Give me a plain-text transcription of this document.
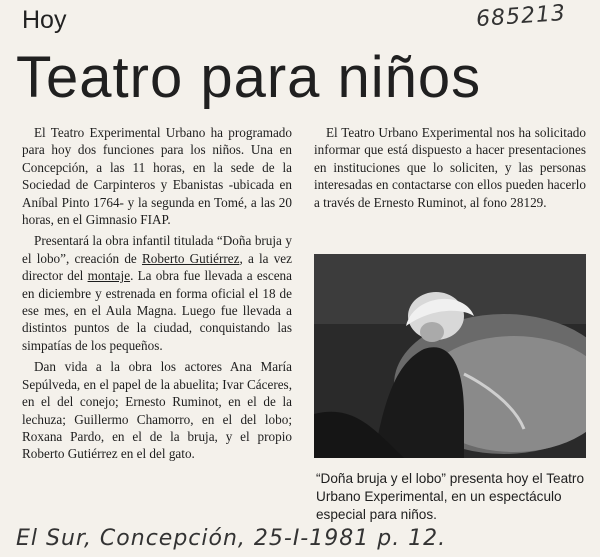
Hoy	685213
Teatro para niños

El Teatro Experimental Urbano ha programado para hoy dos funciones para los niños. Una en Concepción, a las 11 horas, en la sede de la Sociedad de Carpinteros y Ebanistas -ubicada en Aníbal Pinto 1764- y la segunda en Tomé, a las 20 horas, en el Gimnasio FIAP.

Presentará la obra infantil titulada “Doña bruja y el lobo”, creación de Roberto Gutiérrez, a la vez director del montaje. La obra fue llevada a escena en diciembre y estrenada en forma oficial el 18 de ese mes, en el Aula Magna. Luego fue llevada a distintos puntos de la ciudad, conquistando las simpatías de los pequeños.

Dan vida a la obra los actores Ana María Sepúlveda, en el papel de la abuelita; Ivar Cáceres, en el del conejo; Ernesto Ruminot, en el de la lechuza; Guillermo Chamorro, en el del lobo; Roxana Pardo, en el de la bruja, y el propio Roberto Gutiérrez en el del gato.

El Teatro Urbano Experimental nos ha solicitado informar que está dispuesto a hacer presentaciones en instituciones que lo soliciten, y las personas interesadas en contactarse con ellos pueden hacerlo a través de Ernesto Ruminot, al fono 28129.

“Doña bruja y el lobo” presenta hoy el Teatro Urbano Experimental, en un espectáculo especial para niños.
El Sur, Concepción, 25-I-1981 p. 12.
